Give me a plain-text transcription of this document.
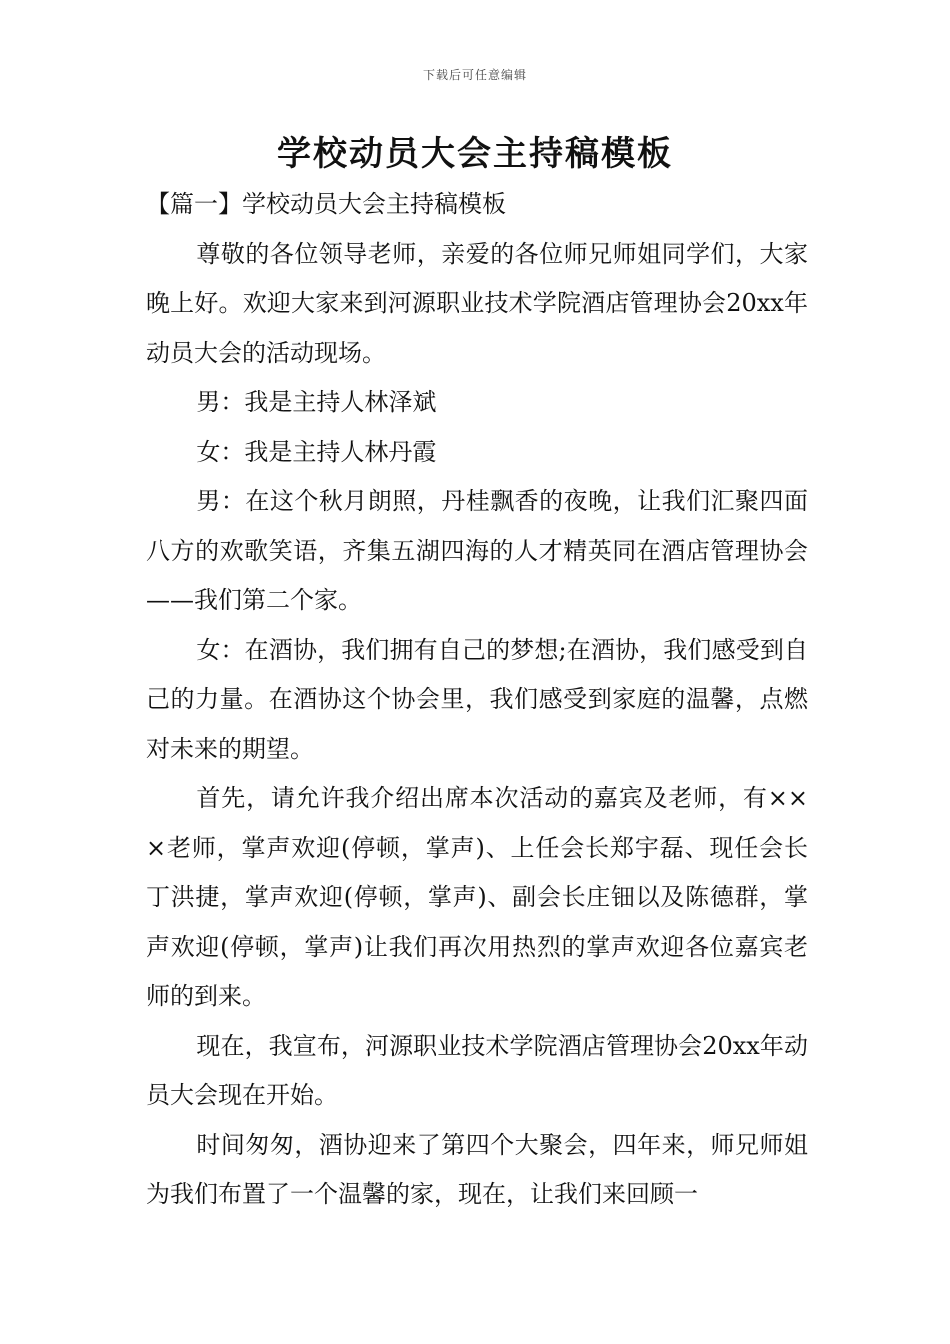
下载后可任意编辑
学校动员大会主持稿模板

【篇一】学校动员大会主持稿模板

尊敬的各位领导老师，亲爱的各位师兄师姐同学们，大家晚上好。欢迎大家来到河源职业技术学院酒店管理协会20xx年动员大会的活动现场。

男：我是主持人林泽斌

女：我是主持人林丹霞

男：在这个秋月朗照，丹桂飘香的夜晚，让我们汇聚四面八方的欢歌笑语，齐集五湖四海的人才精英同在酒店管理协会——我们第二个家。

女：在酒协，我们拥有自己的梦想;在酒协，我们感受到自己的力量。在酒协这个协会里，我们感受到家庭的温馨，点燃对未来的期望。

首先，请允许我介绍出席本次活动的嘉宾及老师，有×××老师，掌声欢迎(停顿，掌声)、上任会长郑宇磊、现任会长丁洪捷，掌声欢迎(停顿，掌声)、副会长庄钿以及陈德群，掌声欢迎(停顿，掌声)让我们再次用热烈的掌声欢迎各位嘉宾老师的到来。

现在，我宣布，河源职业技术学院酒店管理协会20xx年动员大会现在开始。

时间匆匆，酒协迎来了第四个大聚会，四年来，师兄师姐为我们布置了一个温馨的家，现在，让我们来回顾一
